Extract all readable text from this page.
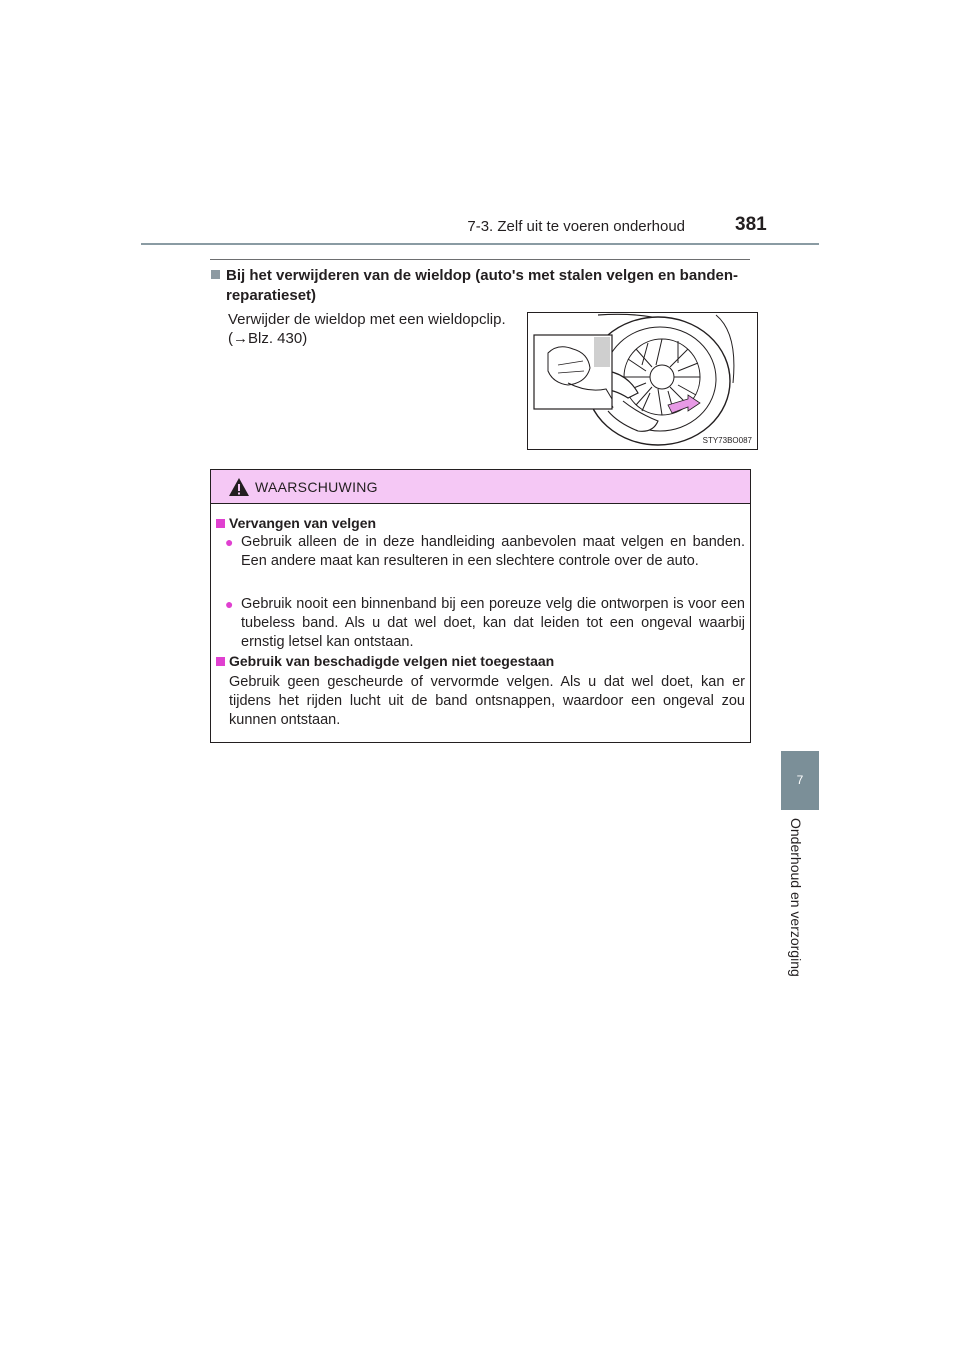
7-3. Zelf uit te voeren onderhoud	381
Bij het verwijderen van de wieldop (auto's met stalen velgen en banden-
reparatieset)
Verwijder de wieldop met een wieldopclip.
(→Blz. 430)
STY73BO087
WAARSCHUWING
Vervangen van velgen
● Gebruik alleen de in deze handleiding aanbevolen maat velgen en banden. Een andere maat kan resulteren in een slechtere controle over de auto.
● Gebruik nooit een binnenband bij een poreuze velg die ontworpen is voor een tubeless band. Als u dat wel doet, kan dat leiden tot een ongeval waarbij ernstig letsel kan ontstaan.
Gebruik van beschadigde velgen niet toegestaan
Gebruik geen gescheurde of vervormde velgen. Als u dat wel doet, kan er tijdens het rijden lucht uit de band ontsnappen, waardoor een ongeval zou kunnen ontstaan.
7
Onderhoud en verzorging
